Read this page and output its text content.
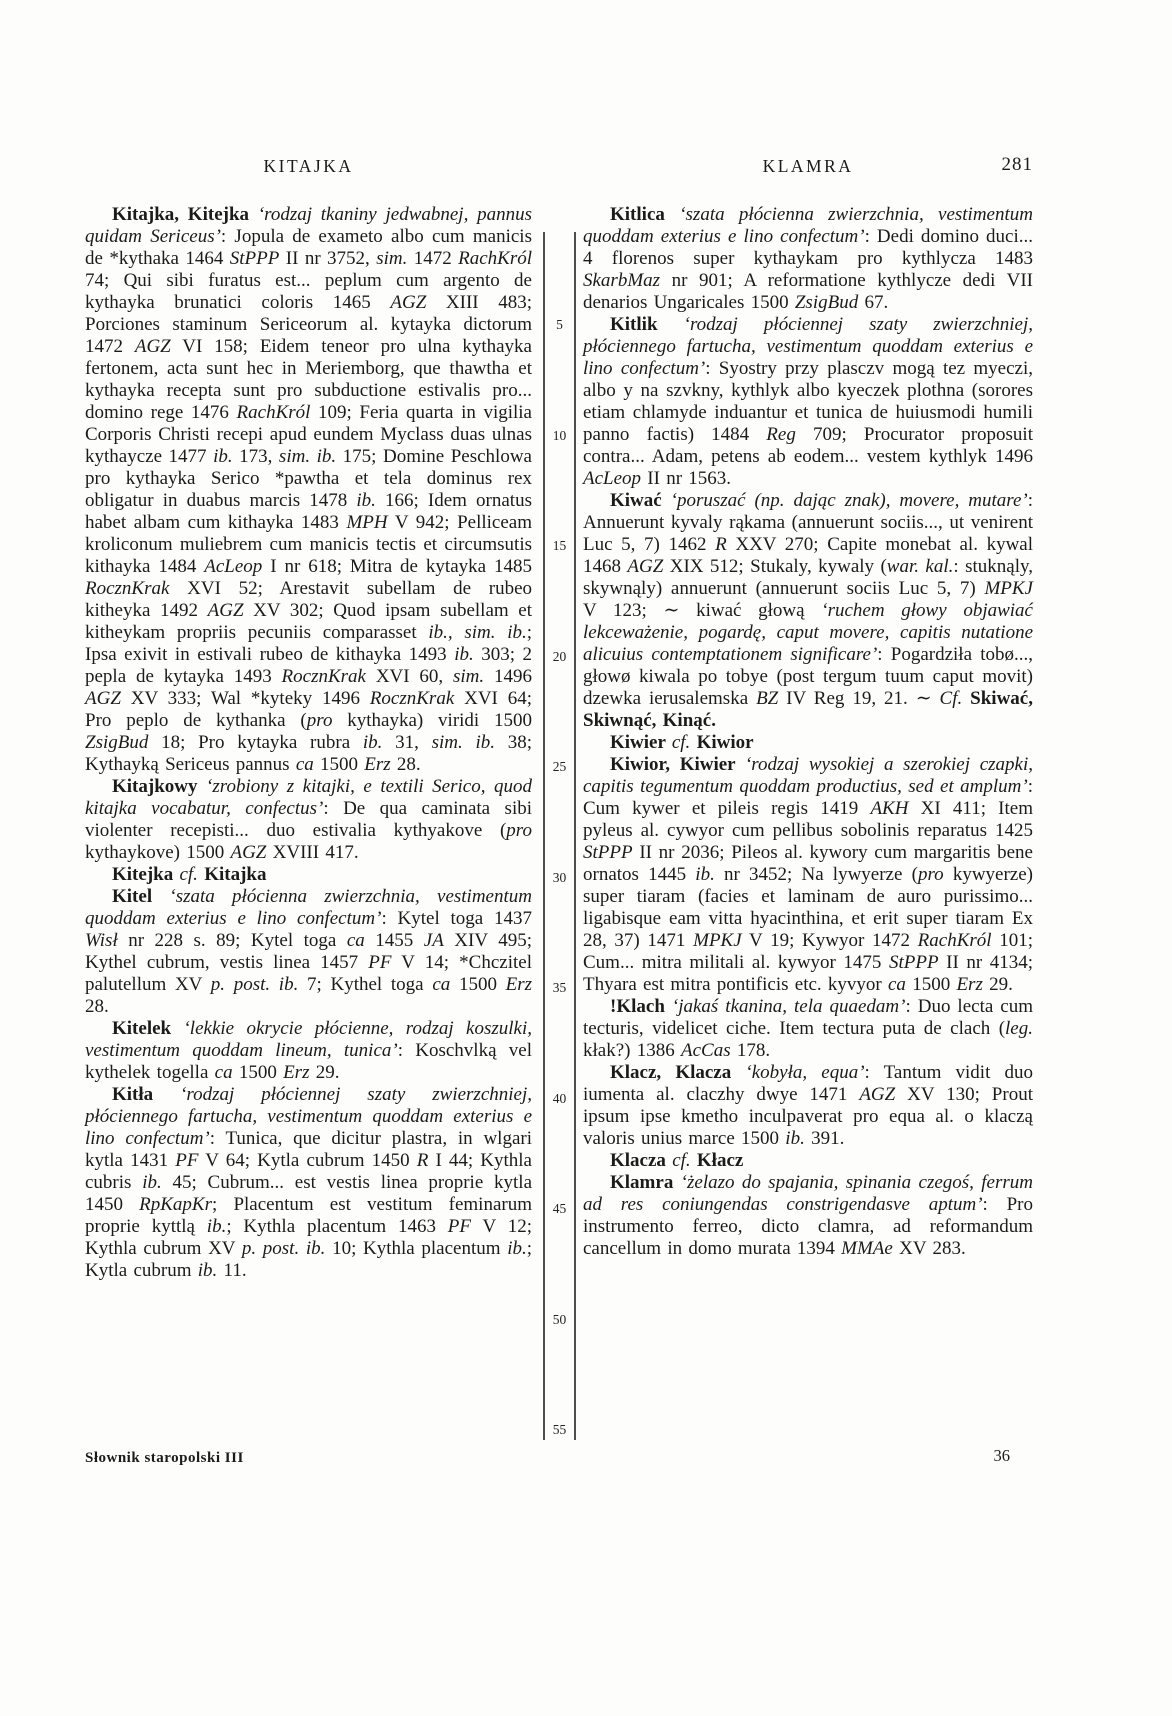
KITAJKA	KLAMRA	281

Kitajka, Kitejka ‘rodzaj tkaniny jedwabnej, pannus quidam Sericeus’: Jopula de exameto albo cum manicis de *kythaka 1464 StPPP II nr 3752, sim. 1472 RachKról 74; Qui sibi furatus est... peplum cum argento de kythayka brunatici coloris 1465 AGZ XIII 483; Porciones staminum Sericeorum al. kytayka dictorum 1472 AGZ VI 158; Eidem teneor pro ulna kythayka fertonem, acta sunt hec in Meriemborg, que thawtha et kythayka recepta sunt pro subductione estivalis pro... domino rege 1476 RachKról 109; Feria quarta in vigilia Corporis Christi recepi apud eundem Myclass duas ulnas kythaycze 1477 ib. 173, sim. ib. 175; Domine Peschlowa pro kythayka Serico *pawtha et tela dominus rex obligatur in duabus marcis 1478 ib. 166; Idem ornatus habet albam cum kithayka 1483 MPH V 942; Pelliceam kroliconum muliebrem cum manicis tectis et circumsutis kithayka 1484 AcLeop I nr 618; Mitra de kytayka 1485 RocznKrak XVI 52; Arestavit subellam de rubeo kitheyka 1492 AGZ XV 302; Quod ipsam subellam et kitheykam propriis pecuniis comparasset ib., sim. ib.; Ipsa exivit in estivali rubeo de kithayka 1493 ib. 303; 2 pepla de kytayka 1493 RocznKrak XVI 60, sim. 1496 AGZ XV 333; Wal *kyteky 1496 RocznKrak XVI 64; Pro peplo de kythanka (pro kythayka) viridi 1500 ZsigBud 18; Pro kytayka rubra ib. 31, sim. ib. 38; Kythayką Sericeus pannus ca 1500 Erz 28.

Kitajkowy ‘zrobiony z kitajki, e textili Serico, quod kitajka vocabatur, confectus’: De qua caminata sibi violenter recepisti... duo estivalia kythyakove (pro kythaykove) 1500 AGZ XVIII 417.

Kitejka cf. Kitajka

Kitel ‘szata płócienna zwierzchnia, vestimentum quoddam exterius e lino confectum’: Kytel toga 1437 Wisł nr 228 s. 89; Kytel toga ca 1455 JA XIV 495; Kythel cubrum, vestis linea 1457 PF V 14; *Chczitel palutellum XV p. post. ib. 7; Kythel toga ca 1500 Erz 28.

Kitelek ‘lekkie okrycie płócienne, rodzaj koszulki, vestimentum quoddam lineum, tunica’: Koschvlką vel kythelek togella ca 1500 Erz 29.

Kitła ‘rodzaj płóciennej szaty zwierzchniej, płóciennego fartucha, vestimentum quoddam exterius e lino confectum’: Tunica, que dicitur plastra, in wlgari kytla 1431 PF V 64; Kytla cubrum 1450 R I 44; Kythla cubris ib. 45; Cubrum... est vestis linea proprie kytla 1450 RpKapKr; Placentum est vestitum feminarum proprie kyttlą ib.; Kythla placentum 1463 PF V 12; Kythla cubrum XV p. post. ib. 10; Kythla placentum ib.; Kytla cubrum ib. 11.

5
10
15
20
25
30
35
40
45
50
55

Kitlica ‘szata płócienna zwierzchnia, vestimentum quoddam exterius e lino confectum’: Dedi domino duci... 4 florenos super kythaykam pro kythlycza 1483 SkarbMaz nr 901; A reformatione kythlycze dedi VII denarios Ungaricales 1500 ZsigBud 67.

Kitlik ‘rodzaj płóciennej szaty zwierzchniej, płóciennego fartucha, vestimentum quoddam exterius e lino confectum’: Syostry przy plasczv mogą tez myeczi, albo y na szvkny, kythlyk albo kyeczek plothna (sorores etiam chlamyde induantur et tunica de huiusmodi humili panno factis) 1484 Reg 709; Procurator proposuit contra... Adam, petens ab eodem... vestem kythlyk 1496 AcLeop II nr 1563.

Kiwać ‘poruszać (np. dając znak), movere, mutare’: Annuerunt kyvaly rąkama (annuerunt sociis..., ut venirent Luc 5, 7) 1462 R XXV 270; Capite monebat al. kywal 1468 AGZ XIX 512; Stukaly, kywaly (war. kal.: stuknąly, skywnąly) annuerunt (annuerunt sociis Luc 5, 7) MPKJ V 123; ∼ kiwać głową ‘ruchem głowy objawiać lekceważenie, pogardę, caput movere, capitis nutatione alicuius contemptationem significare’: Pogardziła tobø..., głowø kiwala po tobye (post tergum tuum caput movit) dzewka ierusalemska BZ IV Reg 19, 21. ∼ Cf. Skiwać, Skiwnąć, Kinąć.

Kiwier cf. Kiwior

Kiwior, Kiwier ‘rodzaj wysokiej a szerokiej czapki, capitis tegumentum quoddam productius, sed et amplum’: Cum kywer et pileis regis 1419 AKH XI 411; Item pyleus al. cywyor cum pellibus sobolinis reparatus 1425 StPPP II nr 2036; Pileos al. kywory cum margaritis bene ornatos 1445 ib. nr 3452; Na lywyerze (pro kywyerze) super tiaram (facies et laminam de auro purissimo... ligabisque eam vitta hyacinthina, et erit super tiaram Ex 28, 37) 1471 MPKJ V 19; Kywyor 1472 RachKról 101; Cum... mitra militali al. kywyor 1475 StPPP II nr 4134; Thyara est mitra pontificis etc. kyvyor ca 1500 Erz 29.

!Klach ‘jakaś tkanina, tela quaedam’: Duo lecta cum tecturis, videlicet ciche. Item tectura puta de clach (leg. kłak?) 1386 AcCas 178.

Klacz, Klacza ‘kobyła, equa’: Tantum vidit duo iumenta al. claczhy dwye 1471 AGZ XV 130; Prout ipsum ipse kmetho inculpaverat pro equa al. o klaczą valoris unius marce 1500 ib. 391.

Klacza cf. Kłacz

Klamra ‘żelazo do spajania, spinania czegoś, ferrum ad res coniungendas constrigendasve aptum’: Pro instrumento ferreo, dicto clamra, ad reformandum cancellum in domo murata 1394 MMAe XV 283.

Słownik staropolski III	36
